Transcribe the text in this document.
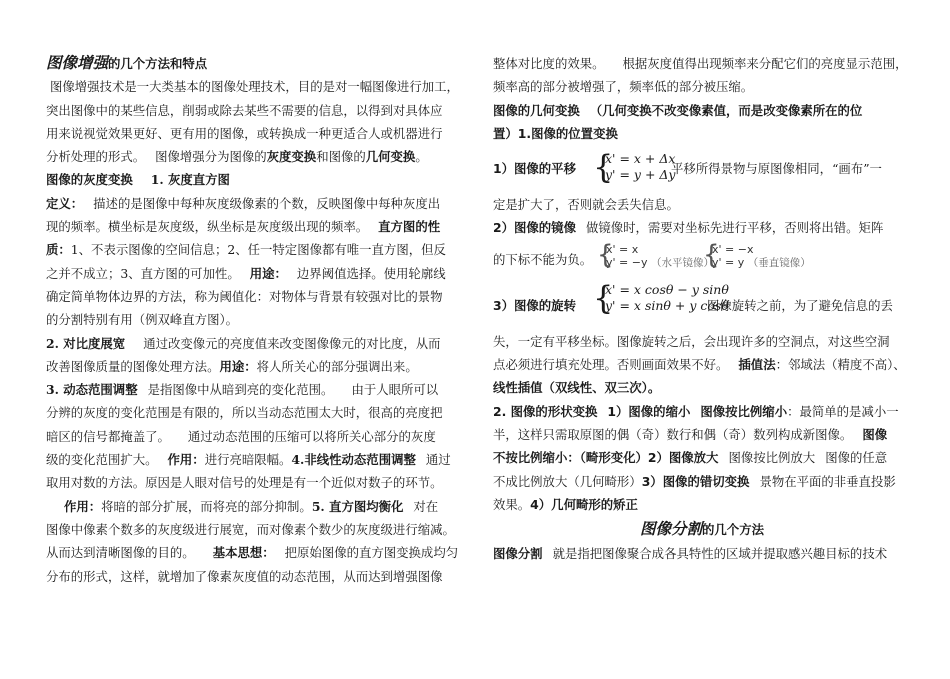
图像增强的几个方法和特点
图像增强技术是一大类基本的图像处理技术，目的是对一幅图像进行加工，
突出图像中的某些信息，削弱或除去某些不需要的信息，以得到对具体应
用来说视觉效果更好、更有用的图像，或转换成一种更适合人或机器进行
分析处理的形式。 图像增强分为图像的灰度变换和图像的几何变换。
图像的灰度变换 1. 灰度直方图
定义： 描述的是图像中每种灰度级像素的个数，反映图像中每种灰度出
现的频率。横坐标是灰度级，纵坐标是灰度级出现的频率。 直方图的性
质：1、不表示图像的空间信息；2、任一特定图像都有唯一直方图，但反
之并不成立；3、直方图的可加性。 用途： 边界阈值选择。使用轮廓线
确定简单物体边界的方法，称为阈值化：对物体与背景有较强对比的景物
的分割特别有用（例双峰直方图）。
2. 对比度展宽 通过改变像元的亮度值来改变图像像元的对比度，从而
改善图像质量的图像处理方法。用途：将人所关心的部分强调出来。
3. 动态范围调整 是指图像中从暗到亮的变化范围。 由于人眼所可以
分辨的灰度的变化范围是有限的，所以当动态范围太大时，很高的亮度把
暗区的信号都掩盖了。 通过动态范围的压缩可以将所关心部分的灰度
级的变化范围扩大。 作用：进行亮暗限幅。4.非线性动态范围调整 通过
取用对数的方法。原因是人眼对信号的处理是有一个近似对数子的环节。
作用：将暗的部分扩展，而将亮的部分抑制。5. 直方图均衡化 对在
图像中像素个数多的灰度级进行展宽，而对像素个数少的灰度级进行缩减。
从而达到清晰图像的目的。 基本思想： 把原始图像的直方图变换成均匀
分布的形式，这样，就增加了像素灰度值的动态范围，从而达到增强图像
整体对比度的效果。 根据灰度值得出现频率来分配它们的亮度显示范围，
频率高的部分被增强了，频率低的部分被压缩。
图像的几何变换 （几何变换不改变像素值，而是改变像素所在的位
置）1.图像的位置变换
1）图像的平移 {
x' = x + Δx
y' = y + Δy
平移所得景物与原图像相同，“画布”一
定是扩大了，否则就会丢失信息。
2）图像的镜像 做镜像时，需要对坐标先进行平移，否则将出错。矩阵
{
x' = x
y' = −y （水平镜像）
{
x' = −x
y' = y （垂直镜像）
的下标不能为负。
{
x' = x cosθ − y sinθ
y' = x sinθ + y cosθ
3）图像的旋转	图像旋转之前，为了避免信息的丢
失，一定有平移坐标。图像旋转之后，会出现许多的空洞点，对这些空洞
点必须进行填充处理。否则画面效果不好。 插值法：邻域法（精度不高）、
线性插值（双线性、双三次）。
2. 图像的形状变换 1）图像的缩小 图像按比例缩小：最简单的是减小一
半，这样只需取原图的偶（奇）数行和偶（奇）数列构成新图像。 图像
不按比例缩小：（畸形变化）2）图像放大 图像按比例放大 图像的任意
不成比例放大（几何畸形）3）图像的错切变换 景物在平面的非垂直投影
效果。4）几何畸形的矫正
图像分割的几个方法
图像分割 就是指把图像聚合成各具特性的区域并提取感兴趣目标的技术
